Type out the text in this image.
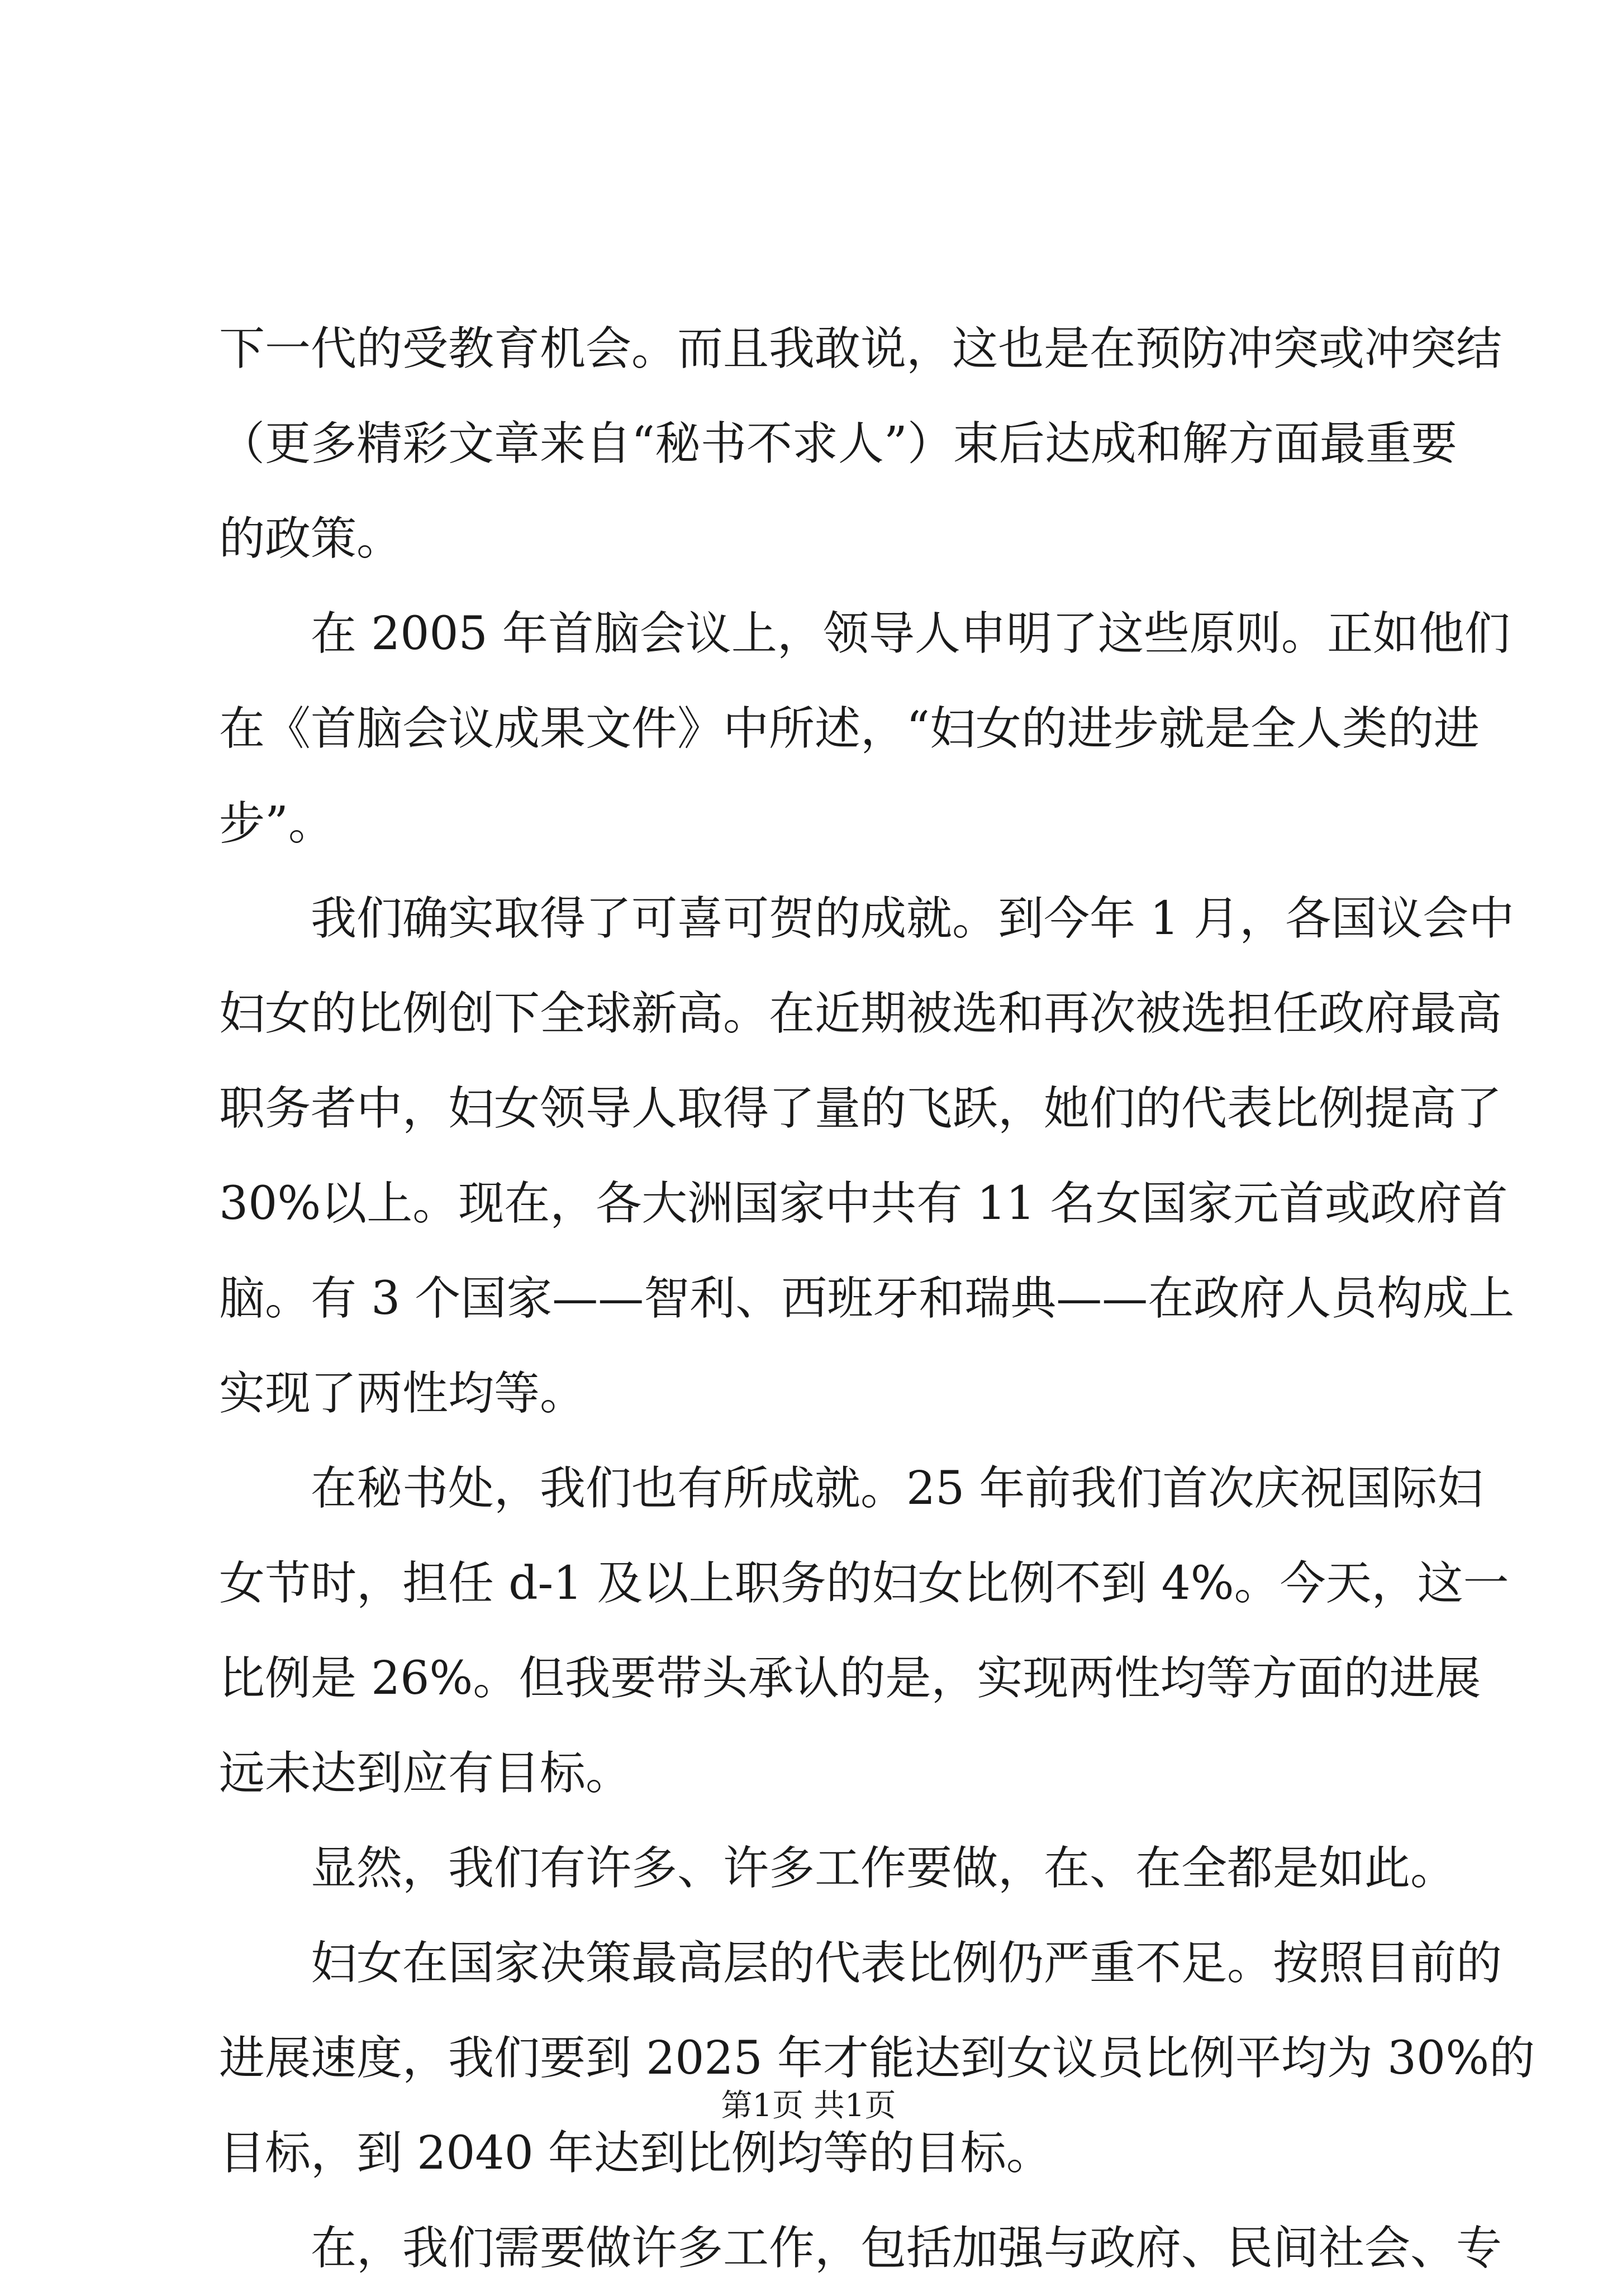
下一代的受教育机会。而且我敢说，这也是在预防冲突或冲突结
（更多精彩文章来自“秘书不求人”）束后达成和解方面最重要
的政策。
在 2005 年首脑会议上，领导人申明了这些原则。正如他们
在《首脑会议成果文件》中所述，“妇女的进步就是全人类的进
步”。
我们确实取得了可喜可贺的成就。到今年 1 月，各国议会中
妇女的比例创下全球新高。在近期被选和再次被选担任政府最高
职务者中，妇女领导人取得了量的飞跃，她们的代表比例提高了
30%以上。现在，各大洲国家中共有 11 名女国家元首或政府首
脑。有 3 个国家——智利、西班牙和瑞典——在政府人员构成上
实现了两性均等。
在秘书处，我们也有所成就。25 年前我们首次庆祝国际妇
女节时，担任 d-1 及以上职务的妇女比例不到 4%。今天，这一
比例是 26%。但我要带头承认的是，实现两性均等方面的进展
远未达到应有目标。
显然，我们有许多、许多工作要做，在、在全都是如此。
妇女在国家决策最高层的代表比例仍严重不足。按照目前的
进展速度，我们要到 2025 年才能达到女议员比例平均为 30%的
目标，到 2040 年达到比例均等的目标。
在，我们需要做许多工作，包括加强与政府、民间社会、专
第1页 共1页
